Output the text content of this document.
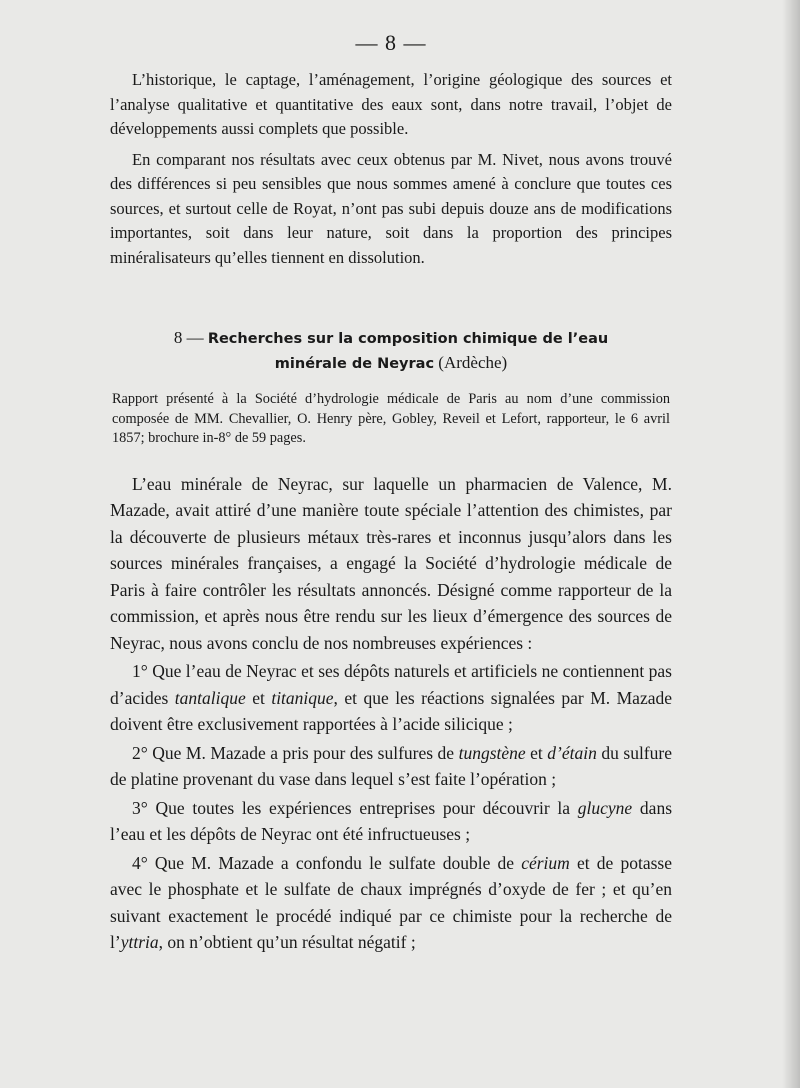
— 8 —

L’historique, le captage, l’aménagement, l’origine géologique des sources et l’analyse qualitative et quantitative des eaux sont, dans notre travail, l’objet de développements aussi complets que possible.

En comparant nos résultats avec ceux obtenus par M. Nivet, nous avons trouvé des différences si peu sensibles que nous sommes amené à conclure que toutes ces sources, et surtout celle de Royat, n’ont pas subi depuis douze ans de modifications importantes, soit dans leur nature, soit dans la proportion des principes minéralisateurs qu’elles tiennent en dissolution.

8 — Recherches sur la composition chimique de l’eau
minérale de Neyrac (Ardèche)

Rapport présenté à la Société d’hydrologie médicale de Paris au nom d’une commission composée de MM. Chevallier, O. Henry père, Gobley, Reveil et Lefort, rapporteur, le 6 avril 1857; brochure in-8° de 59 pages.

L’eau minérale de Neyrac, sur laquelle un pharmacien de Valence, M. Mazade, avait attiré d’une manière toute spéciale l’attention des chimistes, par la découverte de plusieurs métaux très-rares et inconnus jusqu’alors dans les sources minérales françaises, a engagé la Société d’hydrologie médicale de Paris à faire contrôler les résultats annoncés. Désigné comme rapporteur de la commission, et après nous être rendu sur les lieux d’émergence des sources de Neyrac, nous avons conclu de nos nombreuses expériences :

1° Que l’eau de Neyrac et ses dépôts naturels et artificiels ne contiennent pas d’acides tantalique et titanique, et que les réactions signalées par M. Mazade doivent être exclusivement rapportées à l’acide silicique ;

2° Que M. Mazade a pris pour des sulfures de tungstène et d’étain du sulfure de platine provenant du vase dans lequel s’est faite l’opération ;

3° Que toutes les expériences entreprises pour découvrir la glucyne dans l’eau et les dépôts de Neyrac ont été infructueuses ;

4° Que M. Mazade a confondu le sulfate double de cérium et de potasse avec le phosphate et le sulfate de chaux imprégnés d’oxyde de fer ; et qu’en suivant exactement le procédé indiqué par ce chimiste pour la recherche de l’yttria, on n’obtient qu’un résultat négatif ;
